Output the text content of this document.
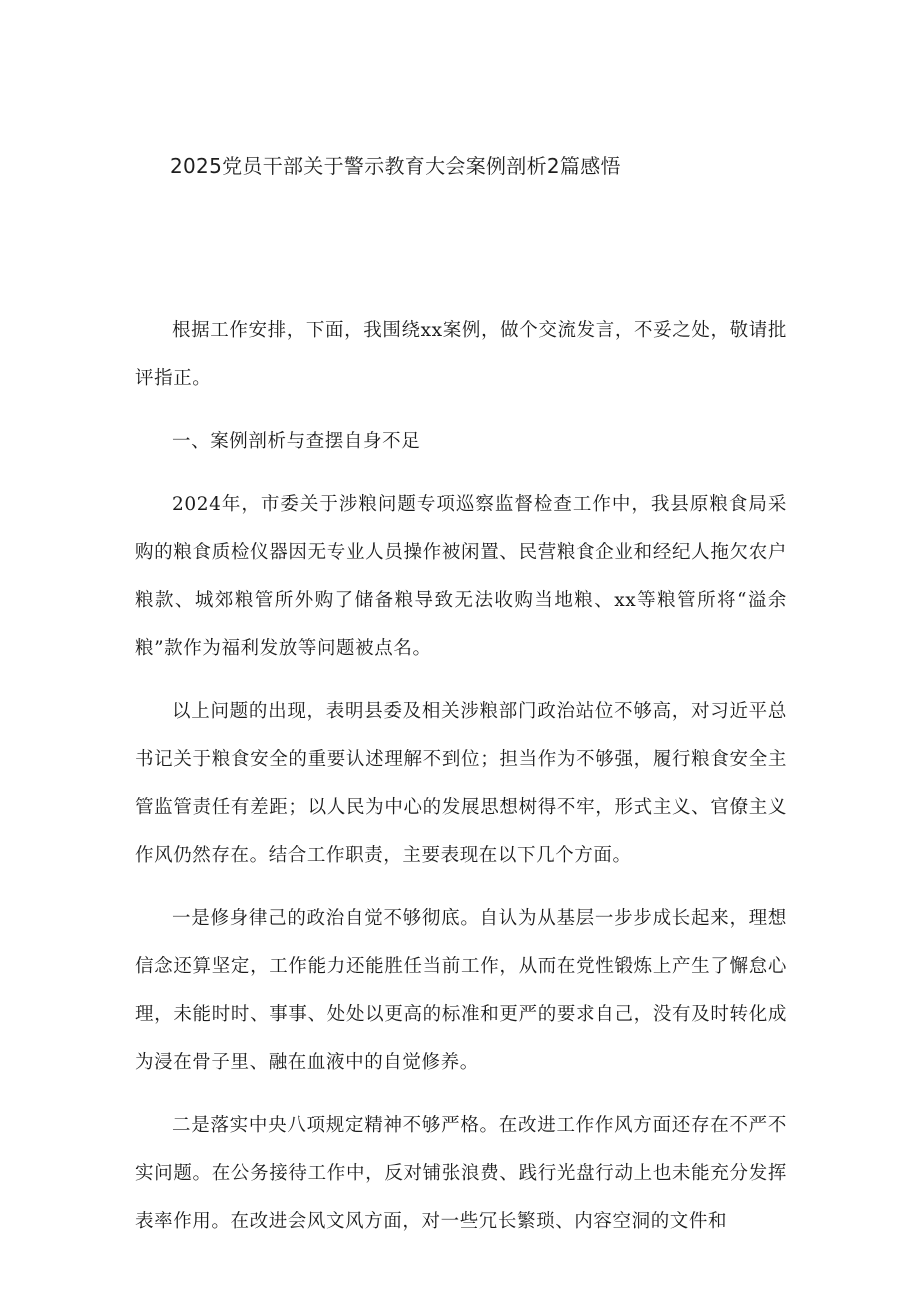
2025党员干部关于警示教育大会案例剖析2篇感悟

根据工作安排，下面，我围绕xx案例，做个交流发言，不妥之处，敬请批评指正。

一、案例剖析与查摆自身不足

2024年，市委关于涉粮问题专项巡察监督检查工作中，我县原粮食局采购的粮食质检仪器因无专业人员操作被闲置、民营粮食企业和经纪人拖欠农户粮款、城郊粮管所外购了储备粮导致无法收购当地粮、xx等粮管所将“溢余粮”款作为福利发放等问题被点名。

以上问题的出现，表明县委及相关涉粮部门政治站位不够高，对习近平总书记关于粮食安全的重要认述理解不到位；担当作为不够强，履行粮食安全主管监管责任有差距；以人民为中心的发展思想树得不牢，形式主义、官僚主义作风仍然存在。结合工作职责，主要表现在以下几个方面。

一是修身律己的政治自觉不够彻底。自认为从基层一步步成长起来，理想信念还算坚定，工作能力还能胜任当前工作，从而在党性锻炼上产生了懈怠心理，未能时时、事事、处处以更高的标准和更严的要求自己，没有及时转化成为浸在骨子里、融在血液中的自觉修养。

二是落实中央八项规定精神不够严格。在改进工作作风方面还存在不严不实问题。在公务接待工作中，反对铺张浪费、践行光盘行动上也未能充分发挥表率作用。在改进会风文风方面，对一些冗长繁琐、内容空洞的文件和
